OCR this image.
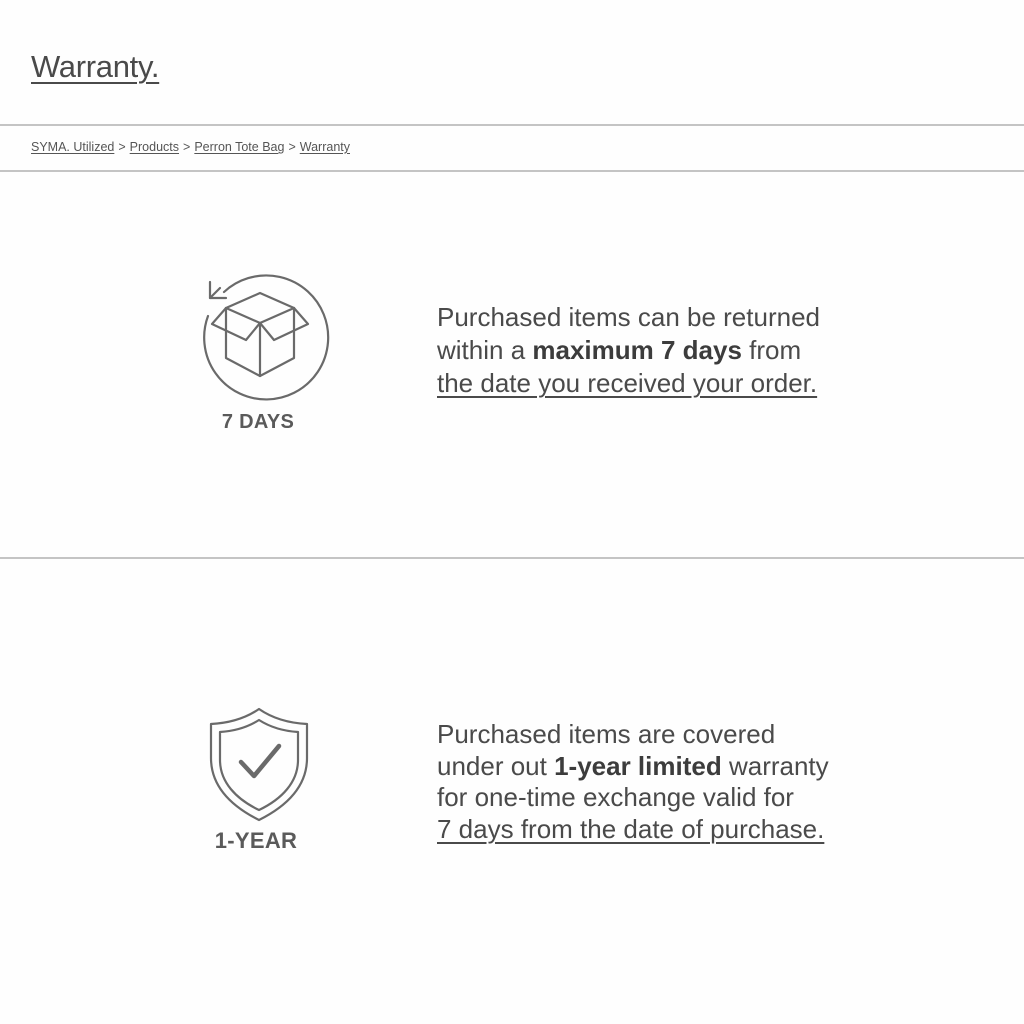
Warranty.
SYMA. Utilized > Products > Perron Tote Bag > Warranty
7 DAYS
Purchased items can be returned
within a maximum 7 days from
the date you received your order.
1-YEAR
Purchased items are covered
under out 1-year limited warranty
for one-time exchange valid for
7 days from the date of purchase.
